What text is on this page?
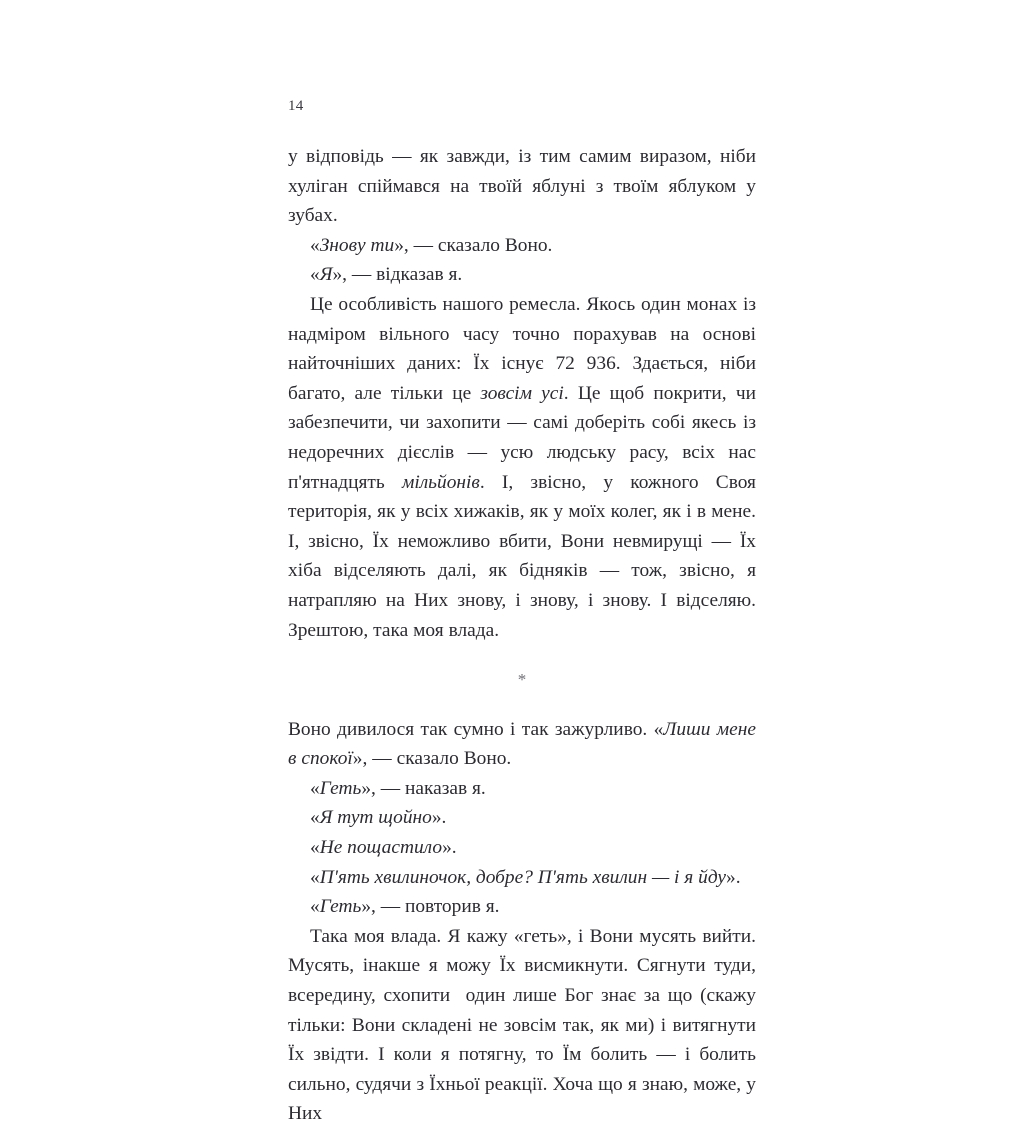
14

у відповідь — як завжди, із тим самим виразом, ніби хуліган спіймався на твоїй яблуні з твоїм яблуком у зубах.

«Знову ти», — сказало Воно.

«Я», — відказав я.

Це особливість нашого ремесла. Якось один монах із надміром вільного часу точно порахував на основі найточніших даних: Їх існує 72 936. Здається, ніби багато, але тільки це зовсім усі. Це щоб покрити, чи забезпечити, чи захопити — самі доберіть собі якесь із недоречних дієслів — усю людську расу, всіх нас п'ятнадцять мільйонів. І, звісно, у кожного Своя територія, як у всіх хижаків, як у моїх колег, як і в мене. І, звісно, Їх неможливо вбити, Вони невмирущі — Їх хіба відселяють далі, як бідняків — тож, звісно, я натрапляю на Них знову, і знову, і знову. І відселяю. Зрештою, така моя влада.

*

Воно дивилося так сумно і так зажурливо. «Лиши мене в спокої», — сказало Воно.

«Геть», — наказав я.

«Я тут щойно».

«Не пощастило».

«П'ять хвилиночок, добре? П'ять хвилин — і я йду».

«Геть», — повторив я.

Така моя влада. Я кажу «геть», і Вони мусять вийти. Мусять, інакше я можу Їх висмикнути. Сягнути туди, всередину, схопити  один лише Бог знає за що (скажу тільки: Вони складені не зовсім так, як ми) і витягнути Їх звідти. І коли я потягну, то Їм болить — і болить сильно, судячи з Їхньої реакції. Хоча що я знаю, може, у Них
